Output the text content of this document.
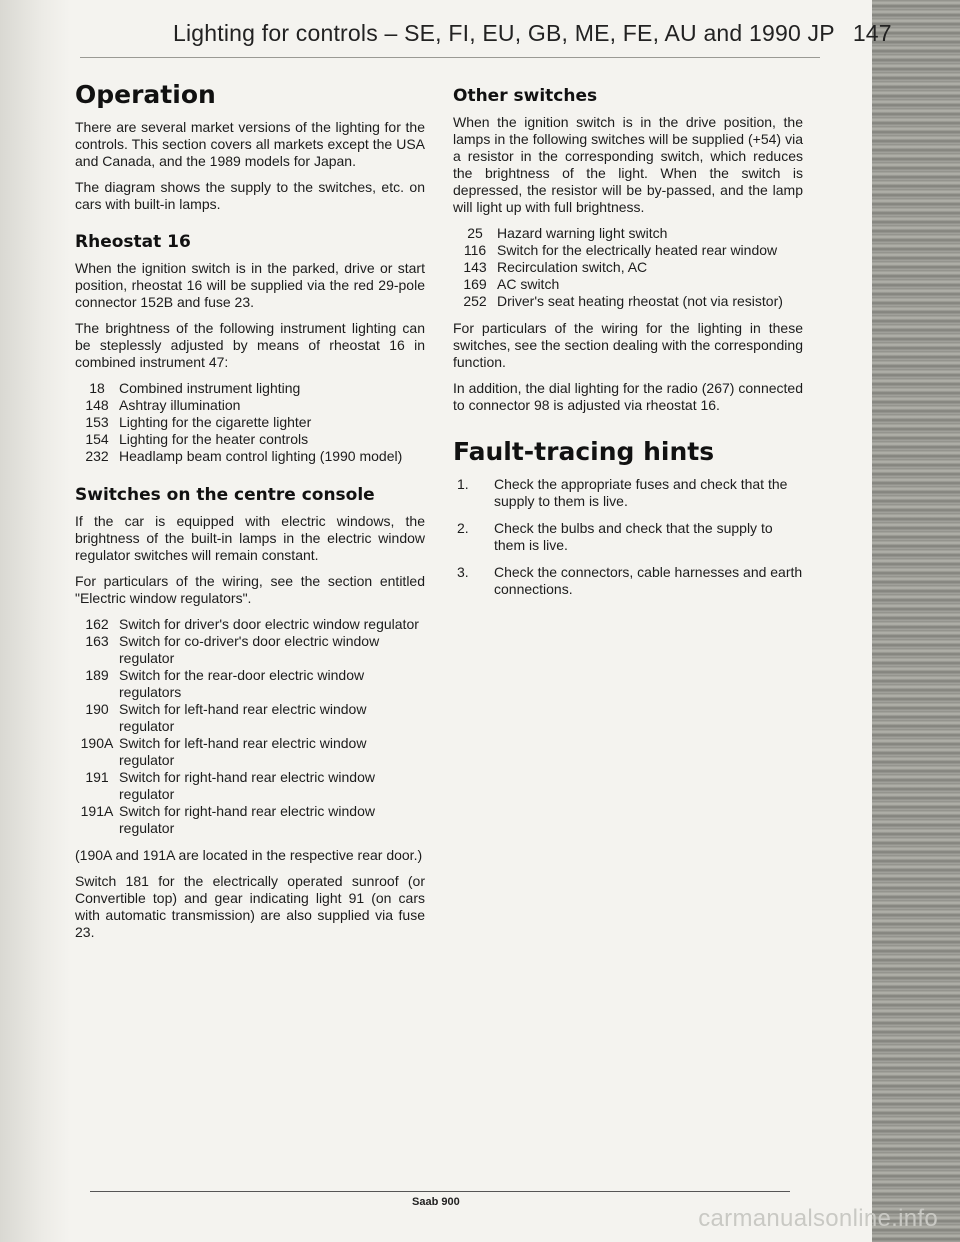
Lighting for controls – SE, FI, EU, GB, ME, FE, AU and 1990 JP 147
Operation

There are several market versions of the lighting for the controls. This section covers all markets except the USA and Canada, and the 1989 models for Japan.

The diagram shows the supply to the switches, etc. on cars with built-in lamps.

Rheostat 16

When the ignition switch is in the parked, drive or start position, rheostat 16 will be supplied via the red 29-pole connector 152B and fuse 23.

The brightness of the following instrument lighting can be steplessly adjusted by means of rheostat 16 in combined instrument 47:

18	Combined instrument lighting
148 Ashtray illumination
153 Lighting for the cigarette lighter
154 Lighting for the heater controls
232 Headlamp beam control lighting (1990 model)
Switches on the centre console

If the car is equipped with electric windows, the brightness of the built-in lamps in the electric window regulator switches will remain constant.

For particulars of the wiring, see the section entitled "Electric window regulators".

162 Switch for driver's door electric window regulator
163 Switch for co-driver's door electric window regulator
189 Switch for the rear-door electric window regulators
190 Switch for left-hand rear electric window regulator
190A Switch for left-hand rear electric window regulator
191 Switch for right-hand rear electric window regulator
191A Switch for right-hand rear electric window regulator

(190A and 191A are located in the respective rear door.)

Switch 181 for the electrically operated sunroof (or Convertible top) and gear indicating light 91 (on cars with automatic transmission) are also supplied via fuse 23.

Other switches

When the ignition switch is in the drive position, the lamps in the following switches will be supplied (+54) via a resistor in the corresponding switch, which reduces the brightness of the light. When the switch is depressed, the resistor will be by-passed, and the lamp will light up with full brightness.

25	Hazard warning light switch
116 Switch for the electrically heated rear window
143 Recirculation switch, AC
169 AC switch
252 Driver's seat heating rheostat (not via resistor)

For particulars of the wiring for the lighting in these switches, see the section dealing with the corresponding function.

In addition, the dial lighting for the radio (267) connected to connector 98 is adjusted via rheostat 16.

Fault-tracing hints
1.	Check the appropriate fuses and check that the supply to them is live.
2.	Check the bulbs and check that the supply to them is live.
3.	Check the connectors, cable harnesses and earth connections.
Saab 900
carmanualsonline.info
